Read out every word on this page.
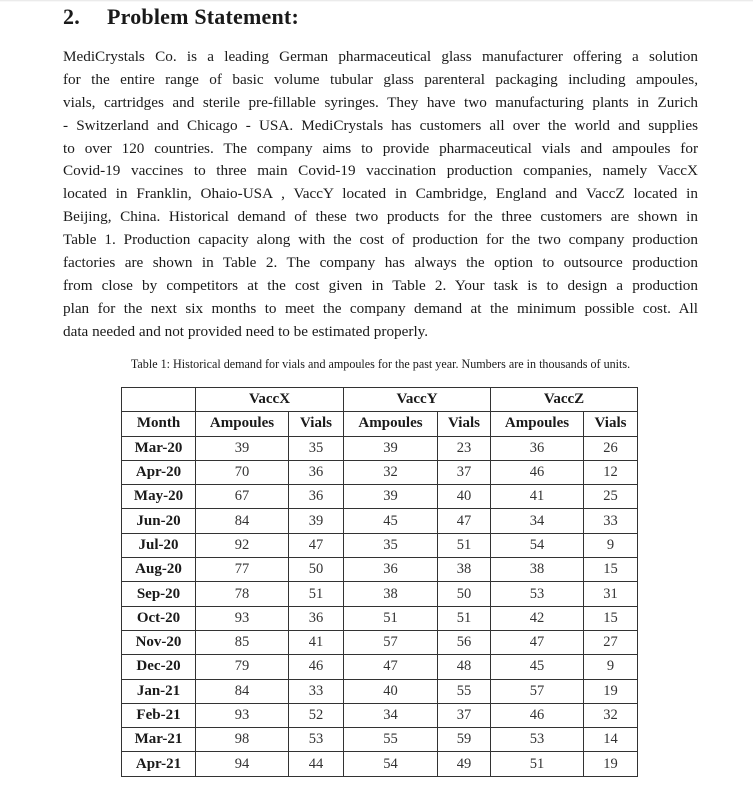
2. Problem Statement:
MediCrystals Co. is a leading German pharmaceutical glass manufacturer offering a solution
for the entire range of basic volume tubular glass parenteral packaging including ampoules,
vials, cartridges and sterile pre-fillable syringes. They have two manufacturing plants in Zurich
- Switzerland and Chicago - USA. MediCrystals has customers all over the world and supplies
to over 120 countries. The company aims to provide pharmaceutical vials and ampoules for
Covid-19 vaccines to three main Covid-19 vaccination production companies, namely VaccX
located in Franklin, Ohaio-USA , VaccY located in Cambridge, England and VaccZ located in
Beijing, China. Historical demand of these two products for the three customers are shown in
Table 1. Production capacity along with the cost of production for the two company production
factories are shown in Table 2. The company has always the option to outsource production
from close by competitors at the cost given in Table 2. Your task is to design a production
plan for the next six months to meet the company demand at the minimum possible cost. All
data needed and not provided need to be estimated properly.
Table 1: Historical demand for vials and ampoules for the past year. Numbers are in thousands of units.
	VaccX		VaccY		VaccZ	
Month	Ampoules	Vials	Ampoules	Vials	Ampoules	Vials
Mar-20	39	35	39	23	36	26
Apr-20	70	36	32	37	46	12
May-20	67	36	39	40	41	25
Jun-20	84	39	45	47	34	33
Jul-20	92	47	35	51	54	9
Aug-20	77	50	36	38	38	15
Sep-20	78	51	38	50	53	31
Oct-20	93	36	51	51	42	15
Nov-20	85	41	57	56	47	27
Dec-20	79	46	47	48	45	9
Jan-21	84	33	40	55	57	19
Feb-21	93	52	34	37	46	32
Mar-21	98	53	55	59	53	14
Apr-21	94	44	54	49	51	19
